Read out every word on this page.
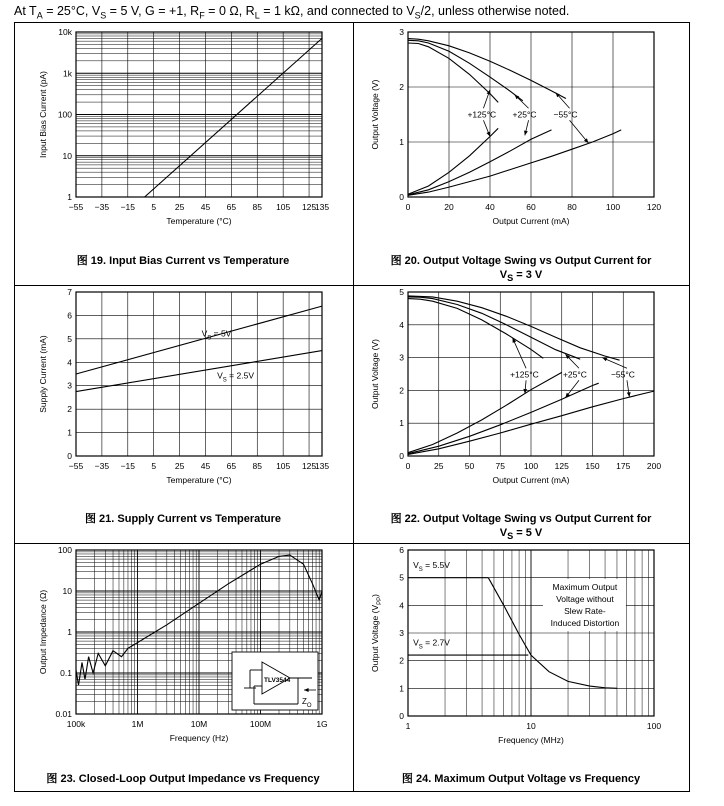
At $T_A = 25^\circ C$, $V_S = 5$ V, G = +1, $R_F = 0$ Ω, $R_L = 1$ kΩ, and connected to $V_S/2$, unless otherwise noted.
−55 −35 −15 5 25 45 65 85 105 125
135
1
10
100
1k
10k
Temperature (°C)
Input Bias Current (pA)
图 19. Input Bias Current vs Temperature
0	20	40	60	80	100	120
0
1
2
3
Output Current (mA)
Output Voltage (V)	+125°C +25°C −55°C
图 20. Output Voltage Swing vs Output Current for
$V_S = 3$ V
−55 −35 −15 5 25 45 65 85 105 125
135
0
1
2
3
4
5
6
7
Temperature (°C)
Supply Current (mA)
$V_S = 5V$
$V_S = 2.5V$
图 21. Supply Current vs Temperature
0	25	50	75 100 125 150 175 200
0
1
2
3
4
5
Output Current (mA)
Output Voltage (V)	+125°C	+25°C	−55°C
图 22. Output Voltage Swing vs Output Current for
$V_S = 5$ V
100k	1M	10M	100M	1G
0.01
0.1
1
10
100
Frequency (Hz)
Output Impedance (Ω)
TLV3544
$Z_O$
图 23. Closed-Loop Output Impedance vs Frequency
1	10	100
0
1
2
3
4
5
6
Frequency (MHz)
Output Voltage $(V_{PP})$
$V_S = 5.5V$
$V_S = 2.7V$
Maximum Output
Voltage without
Slew Rate-
Induced Distortion
图 24. Maximum Output Voltage vs Frequency
